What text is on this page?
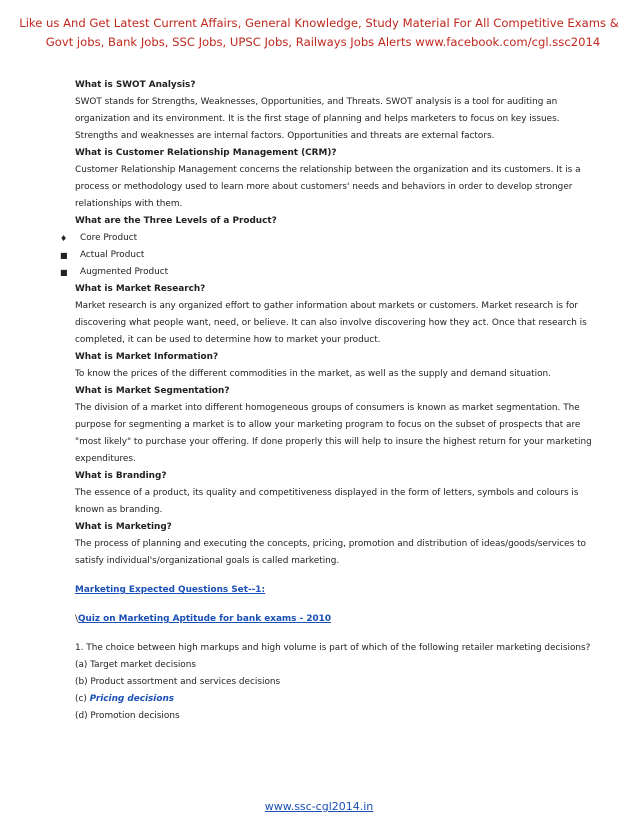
Like us And Get Latest Current Affairs, General Knowledge, Study Material For All Competitive Exams &
Govt jobs, Bank Jobs, SSC Jobs, UPSC Jobs, Railways Jobs Alerts www.facebook.com/cgl.ssc2014
What is SWOT Analysis?
SWOT stands for Strengths, Weaknesses, Opportunities, and Threats. SWOT analysis is a tool for auditing an
organization and its environment. It is the first stage of planning and helps marketers to focus on key issues.
Strengths and weaknesses are internal factors. Opportunities and threats are external factors.
What is Customer Relationship Management (CRM)?
Customer Relationship Management concerns the relationship between the organization and its customers. It is a
process or methodology used to learn more about customers' needs and behaviors in order to develop stronger
relationships with them.
What are the Three Levels of a Product?
♦ Core Product
■ Actual Product
■ Augmented Product
What is Market Research?
Market research is any organized effort to gather information about markets or customers. Market research is for
discovering what people want, need, or believe. It can also involve discovering how they act. Once that research is
completed, it can be used to determine how to market your product.
What is Market Information?
To know the prices of the different commodities in the market, as well as the supply and demand situation.
What is Market Segmentation?
The division of a market into different homogeneous groups of consumers is known as market segmentation. The
purpose for segmenting a market is to allow your marketing program to focus on the subset of prospects that are
"most likely" to purchase your offering. If done properly this will help to insure the highest return for your marketing
expenditures.
What is Branding?
The essence of a product, its quality and competitiveness displayed in the form of letters, symbols and colours is
known as branding.
What is Marketing?
The process of planning and executing the concepts, pricing, promotion and distribution of ideas/goods/services to
satisfy individual's/organizational goals is called marketing.
Marketing Expected Questions Set--1:
\Quiz on Marketing Aptitude for bank exams - 2010
1. The choice between high markups and high volume is part of which of the following retailer marketing decisions?
(a) Target market decisions
(b) Product assortment and services decisions
(c) Pricing decisions
(d) Promotion decisions
www.ssc-cgl2014.in
